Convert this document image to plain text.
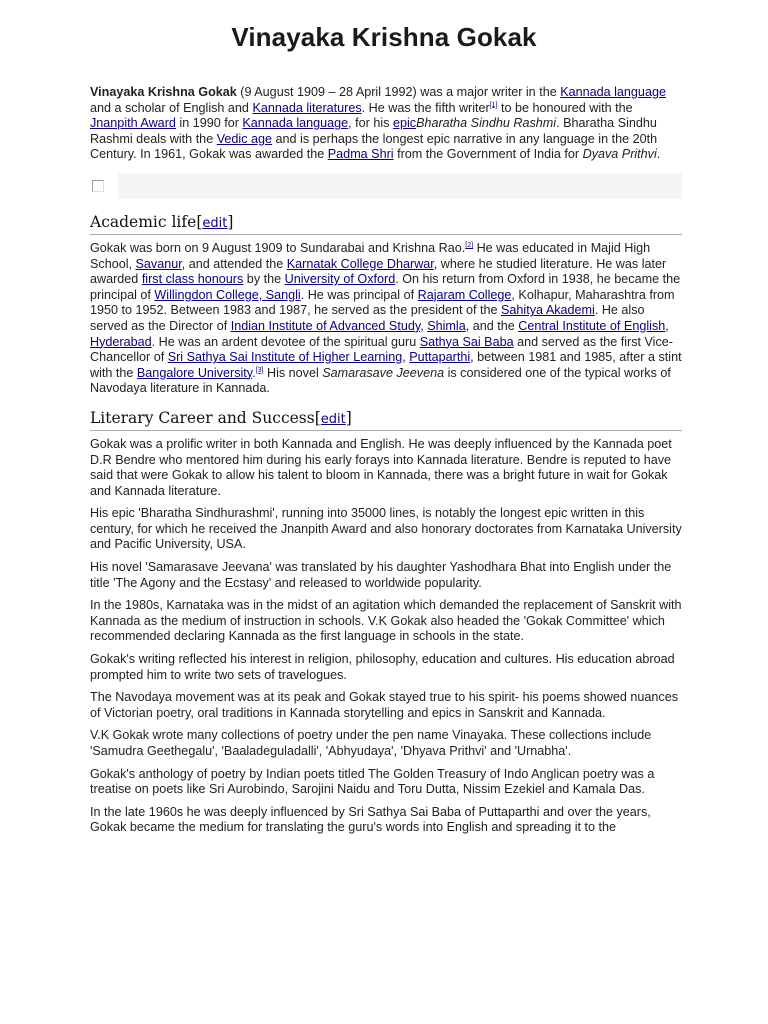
Vinayaka Krishna Gokak

Vinayaka Krishna Gokak (9 August 1909 – 28 April 1992) was a major writer in the Kannada language and a scholar of English and Kannada literatures. He was the fifth writer[1] to be honoured with the Jnanpith Award in 1990 for Kannada language, for his epicBharatha Sindhu Rashmi. Bharatha Sindhu Rashmi deals with the Vedic age and is perhaps the longest epic narrative in any language in the 20th Century. In 1961, Gokak was awarded the Padma Shri from the Government of India for Dyava Prithvi.

Academic life[edit]

Gokak was born on 9 August 1909 to Sundarabai and Krishna Rao.[2] He was educated in Majid High School, Savanur, and attended the Karnatak College Dharwar, where he studied literature. He was later awarded first class honours by the University of Oxford. On his return from Oxford in 1938, he became the principal of Willingdon College, Sangli. He was principal of Rajaram College, Kolhapur, Maharashtra from 1950 to 1952. Between 1983 and 1987, he served as the president of the Sahitya Akademi. He also served as the Director of Indian Institute of Advanced Study, Shimla, and the Central Institute of English, Hyderabad. He was an ardent devotee of the spiritual guru Sathya Sai Baba and served as the first Vice-Chancellor of Sri Sathya Sai Institute of Higher Learning, Puttaparthi, between 1981 and 1985, after a stint with the Bangalore University.[3] His novel Samarasave Jeevena is considered one of the typical works of Navodaya literature in Kannada.

Literary Career and Success[edit]

Gokak was a prolific writer in both Kannada and English. He was deeply influenced by the Kannada poet D.R Bendre who mentored him during his early forays into Kannada literature. Bendre is reputed to have said that were Gokak to allow his talent to bloom in Kannada, there was a bright future in wait for Gokak and Kannada literature.

His epic 'Bharatha Sindhurashmi', running into 35000 lines, is notably the longest epic written in this century, for which he received the Jnanpith Award and also honorary doctorates from Karnataka University and Pacific University, USA.

His novel 'Samarasave Jeevana' was translated by his daughter Yashodhara Bhat into English under the title 'The Agony and the Ecstasy' and released to worldwide popularity.

In the 1980s, Karnataka was in the midst of an agitation which demanded the replacement of Sanskrit with Kannada as the medium of instruction in schools. V.K Gokak also headed the 'Gokak Committee' which recommended declaring Kannada as the first language in schools in the state.

Gokak's writing reflected his interest in religion, philosophy, education and cultures. His education abroad prompted him to write two sets of travelogues.

The Navodaya movement was at its peak and Gokak stayed true to his spirit- his poems showed nuances of Victorian poetry, oral traditions in Kannada storytelling and epics in Sanskrit and Kannada.

V.K Gokak wrote many collections of poetry under the pen name Vinayaka. These collections include 'Samudra Geethegalu', 'Baaladeguladalli', 'Abhyudaya', 'Dhyava Prithvi' and 'Urnabha'.

Gokak's anthology of poetry by Indian poets titled The Golden Treasury of Indo Anglican poetry was a treatise on poets like Sri Aurobindo, Sarojini Naidu and Toru Dutta, Nissim Ezekiel and Kamala Das.

In the late 1960s he was deeply influenced by Sri Sathya Sai Baba of Puttaparthi and over the years, Gokak became the medium for translating the guru's words into English and spreading it to the
